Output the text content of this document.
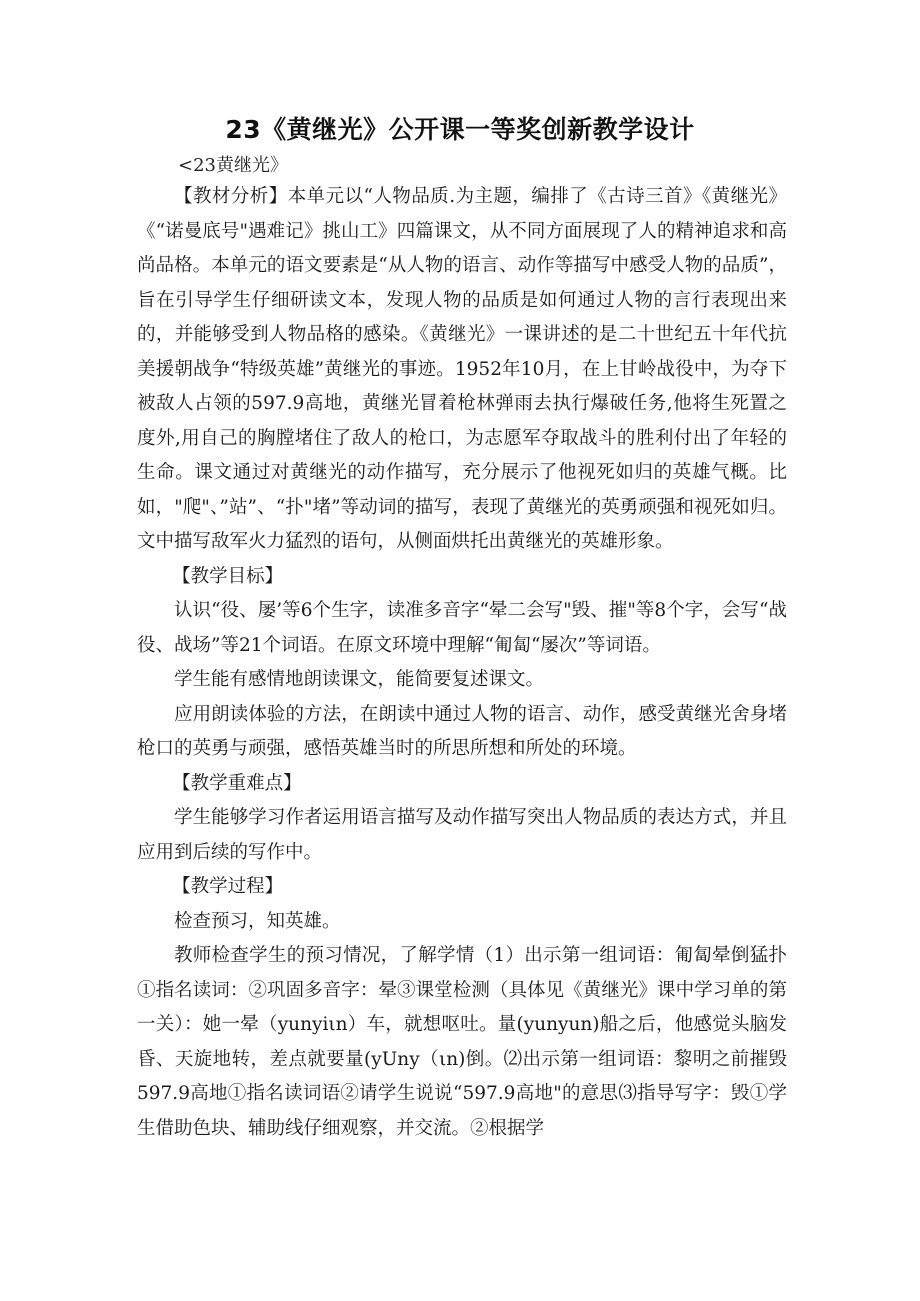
23《黄继光》公开课一等奖创新教学设计
<23黄继光》

【教材分析】本单元以“人物品质.为主题，编排了《古诗三首》《黄继光》《“诺曼底号"遇难记》挑山工》四篇课文，从不同方面展现了人的精神追求和高尚品格。本单元的语文要素是“从人物的语言、动作等描写中感受人物的品质”，旨在引导学生仔细研读文本，发现人物的品质是如何通过人物的言行表现出来的，并能够受到人物品格的感染。《黄继光》一课讲述的是二十世纪五十年代抗美援朝战争“特级英雄”黄继光的事迹。1952年10月，在上甘岭战役中，为夺下被敌人占领的597.9高地，黄继光冒着枪林弹雨去执行爆破任务,他将生死置之度外,用自己的胸膛堵住了敌人的枪口，为志愿军夺取战斗的胜利付出了年轻的生命。课文通过对黄继光的动作描写，充分展示了他视死如归的英雄气概。比如，"爬"、”站”、“扑"堵”等动词的描写，表现了黄继光的英勇顽强和视死如归。文中描写敌军火力猛烈的语句，从侧面烘托出黄继光的英雄形象。

【教学目标】

认识“役、屡’等6个生字，读准多音字“晕二会写"毁、摧"等8个字，会写“战役、战场”等21个词语。在原文环境中理解“匍匐“屡次”等词语。

学生能有感情地朗读课文，能简要复述课文。

应用朗读体验的方法，在朗读中通过人物的语言、动作，感受黄继光舍身堵枪口的英勇与顽强，感悟英雄当时的所思所想和所处的环境。

【教学重难点】

学生能够学习作者运用语言描写及动作描写突出人物品质的表达方式，并且应用到后续的写作中。

【教学过程】

检查预习，知英雄。

教师检查学生的预习情况，了解学情（1）出示第一组词语：匍匐晕倒猛扑①指名读词：②巩固多音字：晕③课堂检测（具体见《黄继光》课中学习单的第一关）：她一晕（yunyiιn）车，就想呕吐。量(yunyun)船之后，他感觉头脑发昏、天旋地转，差点就要量(yUny（ιn)倒。⑵出示第一组词语：黎明之前摧毁597.9高地①指名读词语②请学生说说“597.9高地"的意思⑶指导写字：毁①学生借助色块、辅助线仔细观察，并交流。②根据学
